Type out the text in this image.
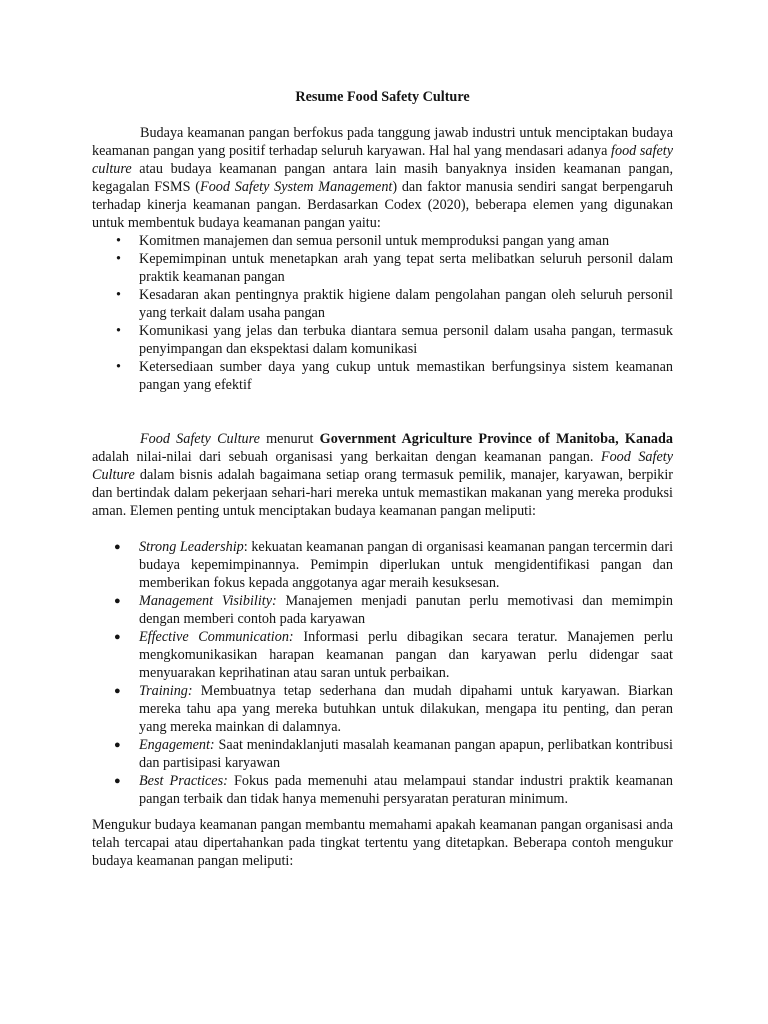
Resume Food Safety Culture

Budaya keamanan pangan berfokus pada tanggung jawab industri untuk menciptakan budaya keamanan pangan yang positif terhadap seluruh karyawan. Hal hal yang mendasari adanya food safety culture atau budaya keamanan pangan antara lain masih banyaknya insiden keamanan pangan, kegagalan FSMS (Food Safety System Management) dan faktor manusia sendiri sangat berpengaruh terhadap kinerja keamanan pangan. Berdasarkan Codex (2020), beberapa elemen yang digunakan untuk membentuk budaya keamanan pangan yaitu:

• Komitmen manajemen dan semua personil untuk memproduksi pangan yang aman
• Kepemimpinan untuk menetapkan arah yang tepat serta melibatkan seluruh personil dalam praktik keamanan pangan
• Kesadaran akan pentingnya praktik higiene dalam pengolahan pangan oleh seluruh personil yang terkait dalam usaha pangan
• Komunikasi yang jelas dan terbuka diantara semua personil dalam usaha pangan, termasuk penyimpangan dan ekspektasi dalam komunikasi
• Ketersediaan sumber daya yang cukup untuk memastikan berfungsinya sistem keamanan pangan yang efektif

Food Safety Culture menurut Government Agriculture Province of Manitoba, Kanada adalah nilai-nilai dari sebuah organisasi yang berkaitan dengan keamanan pangan. Food Safety Culture dalam bisnis adalah bagaimana setiap orang termasuk pemilik, manajer, karyawan, berpikir dan bertindak dalam pekerjaan sehari-hari mereka untuk memastikan makanan yang mereka produksi aman. Elemen penting untuk menciptakan budaya keamanan pangan meliputi:

● Strong Leadership: kekuatan keamanan pangan di organisasi keamanan pangan tercermin dari budaya kepemimpinannya. Pemimpin diperlukan untuk mengidentifikasi pangan dan memberikan fokus kepada anggotanya agar meraih kesuksesan.
● Management Visibility: Manajemen menjadi panutan perlu memotivasi dan memimpin dengan memberi contoh pada karyawan
● Effective Communication: Informasi perlu dibagikan secara teratur. Manajemen perlu mengkomunikasikan harapan keamanan pangan dan karyawan perlu didengar saat menyuarakan keprihatinan atau saran untuk perbaikan.
● Training: Membuatnya tetap sederhana dan mudah dipahami untuk karyawan. Biarkan mereka tahu apa yang mereka butuhkan untuk dilakukan, mengapa itu penting, dan peran yang mereka mainkan di dalamnya.
● Engagement: Saat menindaklanjuti masalah keamanan pangan apapun, perlibatkan kontribusi dan partisipasi karyawan
● Best Practices: Fokus pada memenuhi atau melampaui standar industri praktik keamanan pangan terbaik dan tidak hanya memenuhi persyaratan peraturan minimum.

Mengukur budaya keamanan pangan membantu memahami apakah keamanan pangan organisasi anda telah tercapai atau dipertahankan pada tingkat tertentu yang ditetapkan. Beberapa contoh mengukur budaya keamanan pangan meliputi:
